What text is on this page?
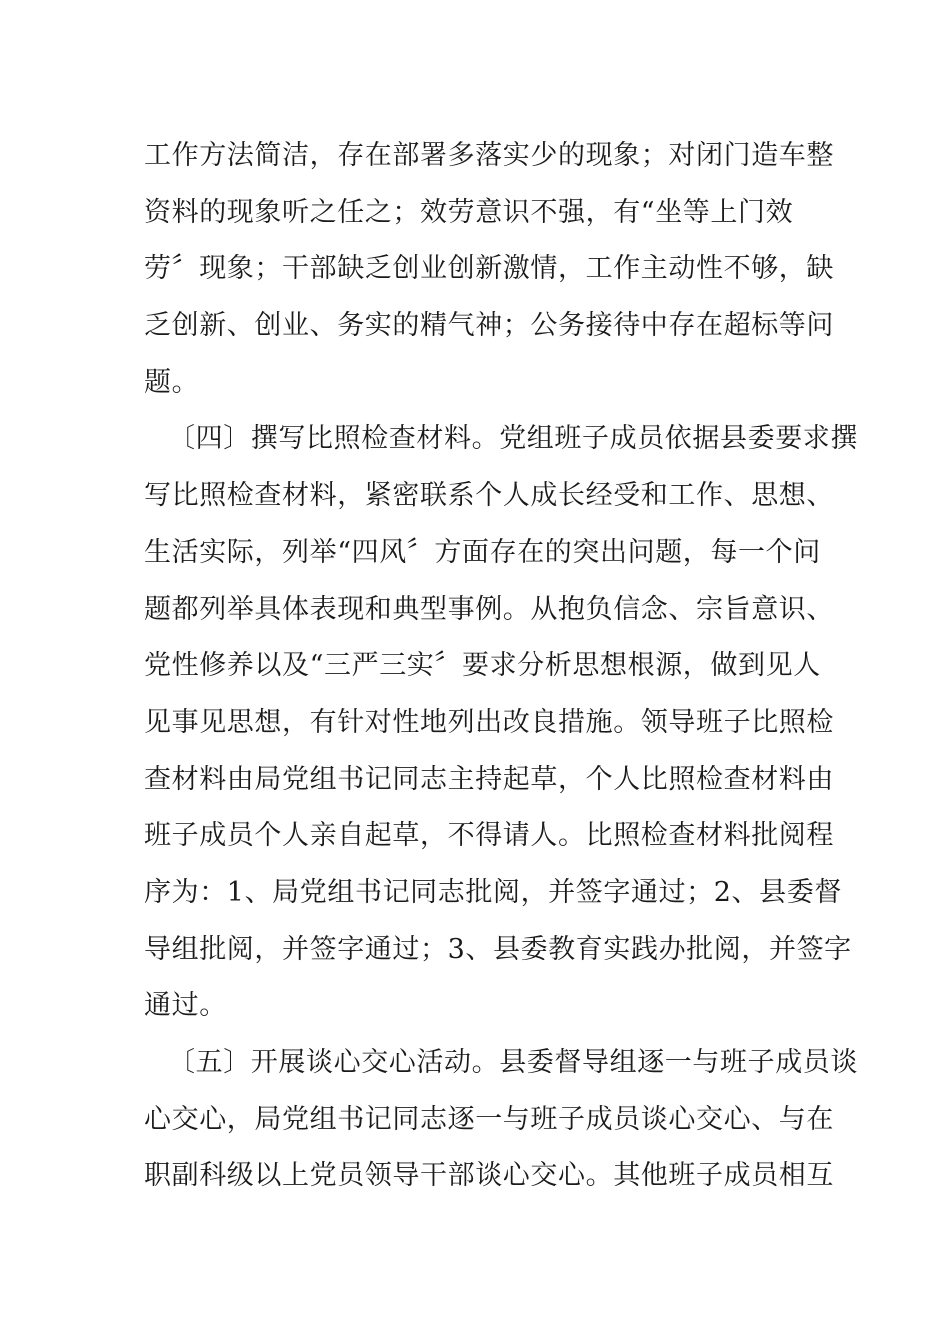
工作方法简洁，存在部署多落实少的现象；对闭门造车整
资料的现象听之任之；效劳意识不强，有“坐等上门效
劳〞现象；干部缺乏创业创新激情，工作主动性不够，缺
乏创新、创业、务实的精气神；公务接待中存在超标等问
题。
〔四〕撰写比照检查材料。党组班子成员依据县委要求撰
写比照检查材料，紧密联系个人成长经受和工作、思想、
生活实际，列举“四风〞方面存在的突出问题，每一个问
题都列举具体表现和典型事例。从抱负信念、宗旨意识、
党性修养以及“三严三实〞要求分析思想根源，做到见人
见事见思想，有针对性地列出改良措施。领导班子比照检
查材料由局党组书记同志主持起草，个人比照检查材料由
班子成员个人亲自起草，不得请人。比照检查材料批阅程
序为：1、局党组书记同志批阅，并签字通过；2、县委督
导组批阅，并签字通过；3、县委教育实践办批阅，并签字
通过。
〔五〕开展谈心交心活动。县委督导组逐一与班子成员谈
心交心，局党组书记同志逐一与班子成员谈心交心、与在
职副科级以上党员领导干部谈心交心。其他班子成员相互
